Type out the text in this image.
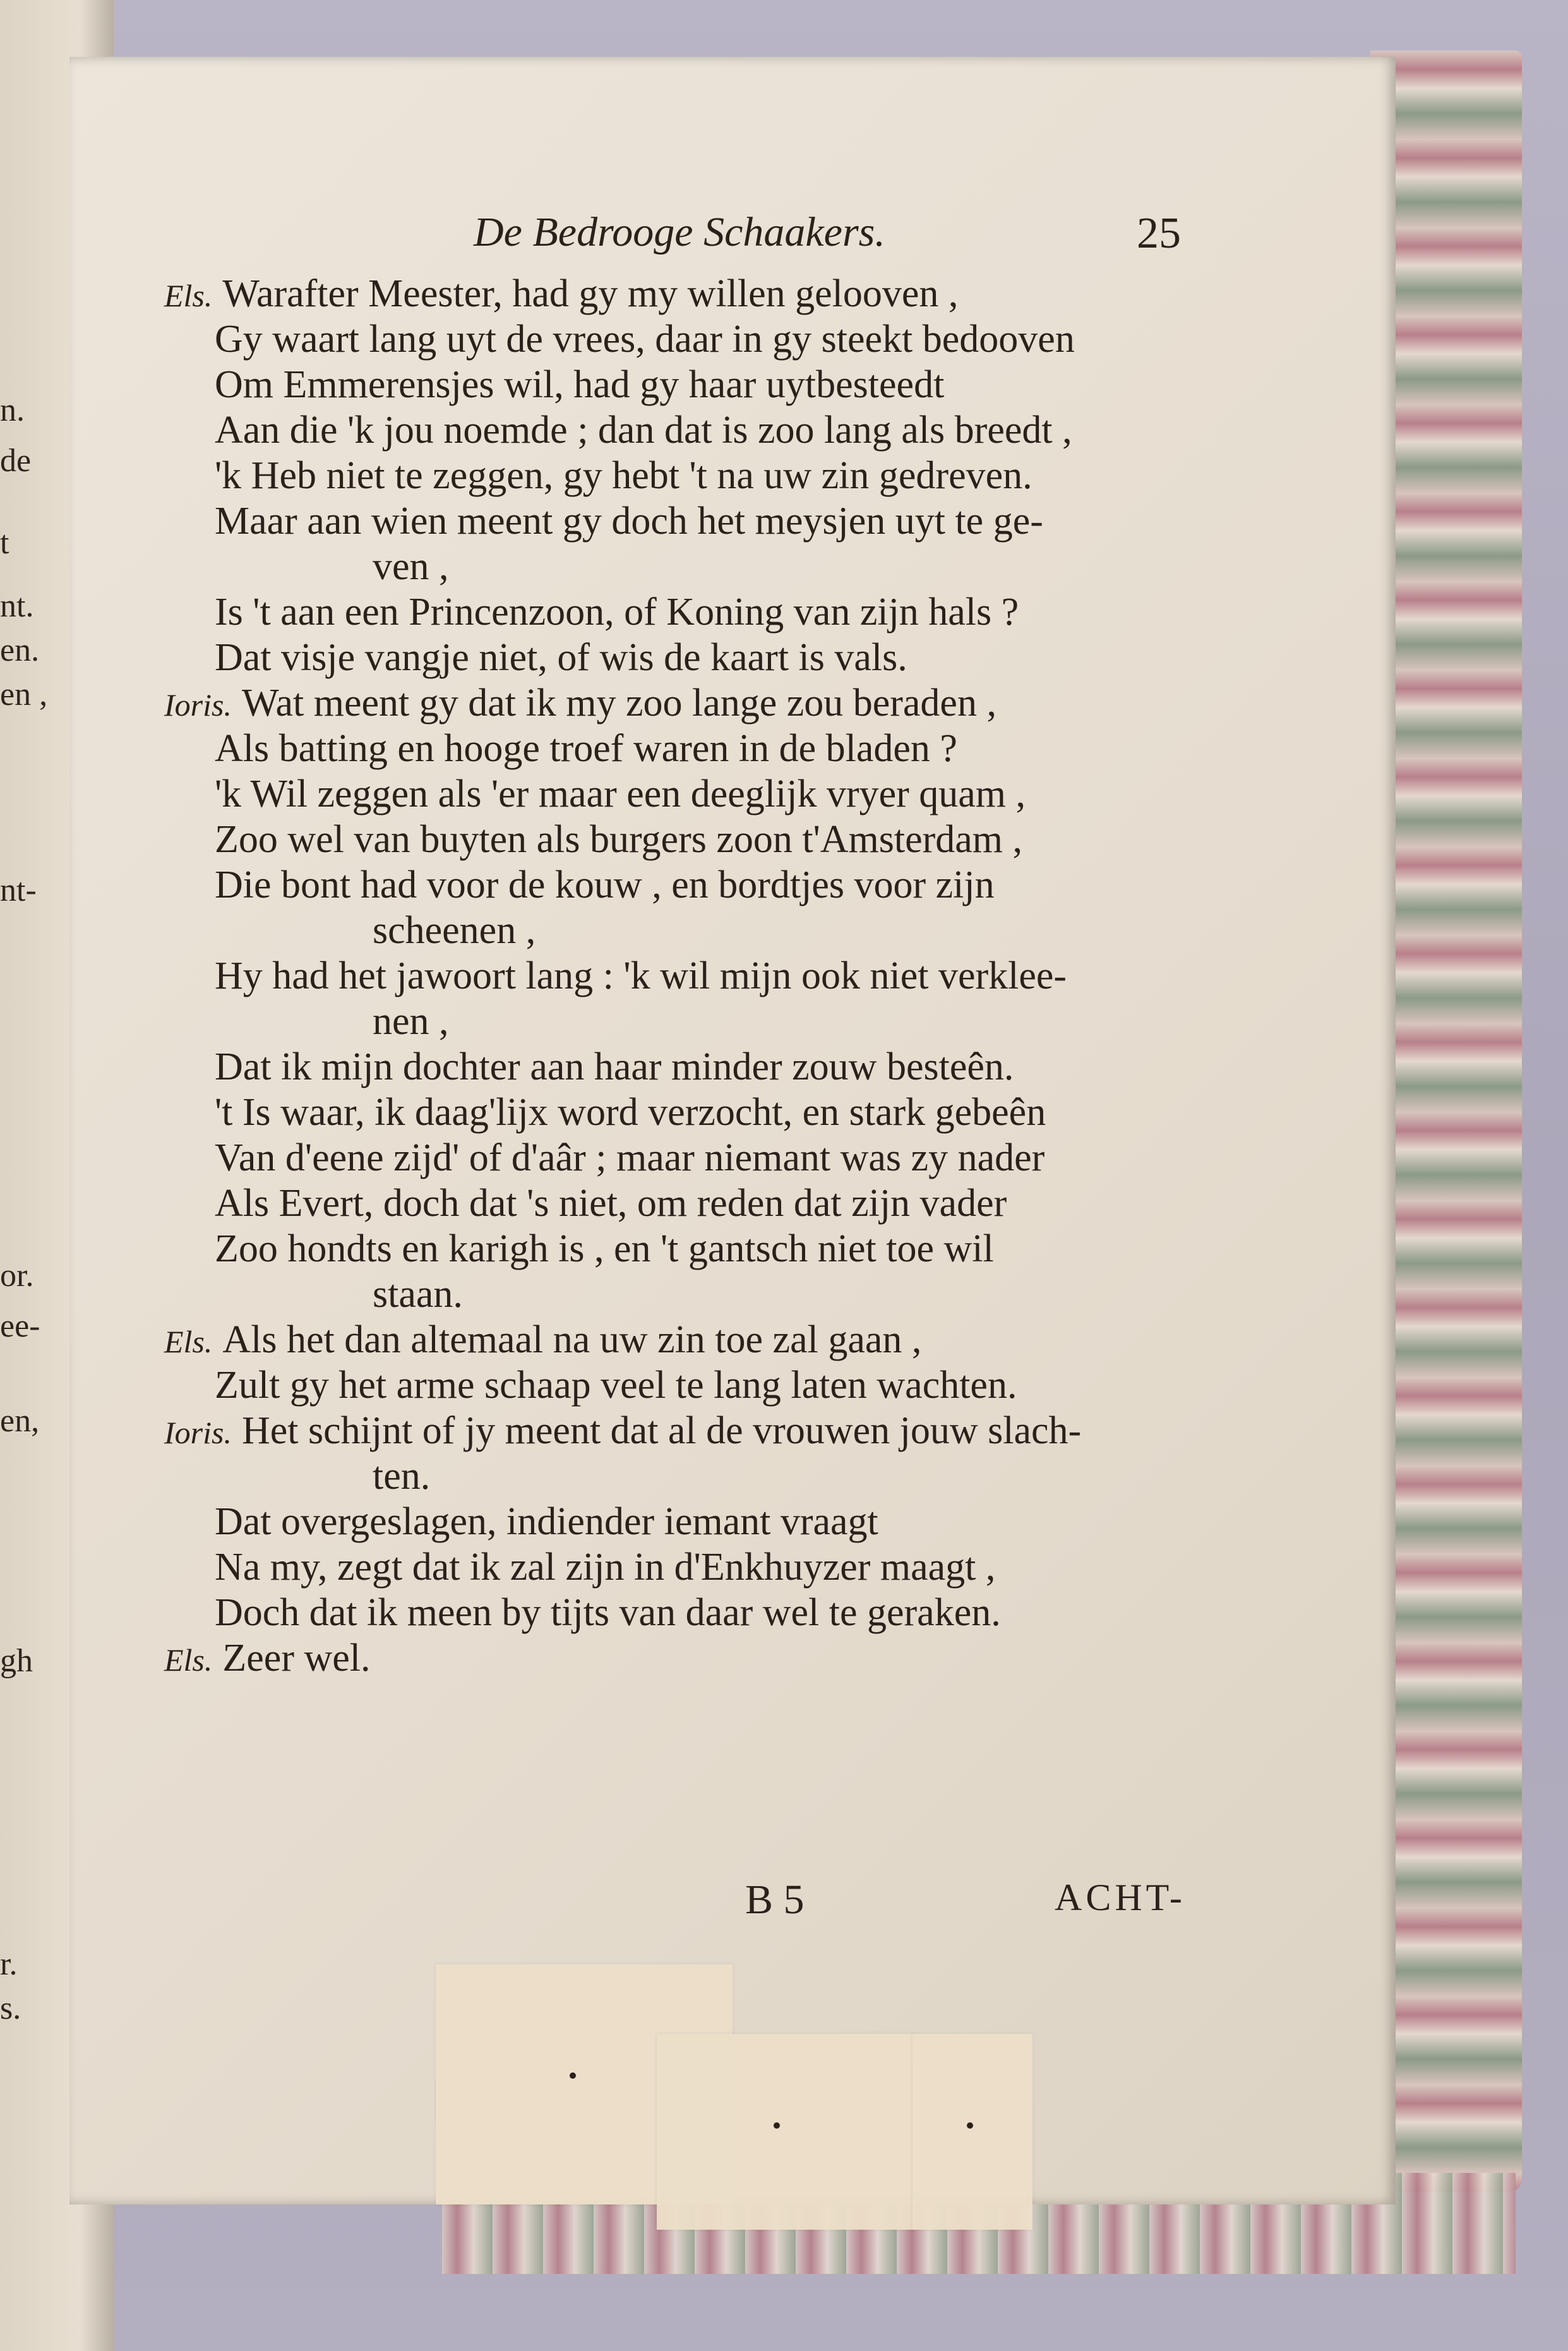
n.
de
t
nt.
en.
en ,
nt-
or.
ee-
en,
gh
r.
s.
De Bedrooge Schaakers.	25
Els. Warafter Meester, had gy my willen gelooven ,
Gy waart lang uyt de vrees, daar in gy steekt bedooven
Om Emmerensjes wil, had gy haar uytbesteedt
Aan die 'k jou noemde ; dan dat is zoo lang als breedt ,
'k Heb niet te zeggen, gy hebt 't na uw zin gedreven.
Maar aan wien meent gy doch het meysjen uyt te ge-
ven ,
Is 't aan een Princenzoon, of Koning van zijn hals ?
Dat visje vangje niet, of wis de kaart is vals.
Ioris. Wat meent gy dat ik my zoo lange zou beraden ,
Als batting en hooge troef waren in de bladen ?
'k Wil zeggen als 'er maar een deeglijk vryer quam ,
Zoo wel van buyten als burgers zoon t'Amsterdam ,
Die bont had voor de kouw , en bordtjes voor zijn
scheenen ,
Hy had het jawoort lang : 'k wil mijn ook niet verklee-
nen ,
Dat ik mijn dochter aan haar minder zouw besteên.
't Is waar, ik daag'lijx word verzocht, en stark gebeên
Van d'eene zijd' of d'aâr ; maar niemant was zy nader
Als Evert, doch dat 's niet, om reden dat zijn vader
Zoo hondts en karigh is , en 't gantsch niet toe wil
staan.
Els. Als het dan altemaal na uw zin toe zal gaan ,
Zult gy het arme schaap veel te lang laten wachten.
Ioris. Het schijnt of jy meent dat al de vrouwen jouw slach-
ten.
Dat overgeslagen, indiender iemant vraagt
Na my, zegt dat ik zal zijn in d'Enkhuyzer maagt ,
Doch dat ik meen by tijts van daar wel te geraken.
Els. Zeer wel.
B 5	ACHT-
